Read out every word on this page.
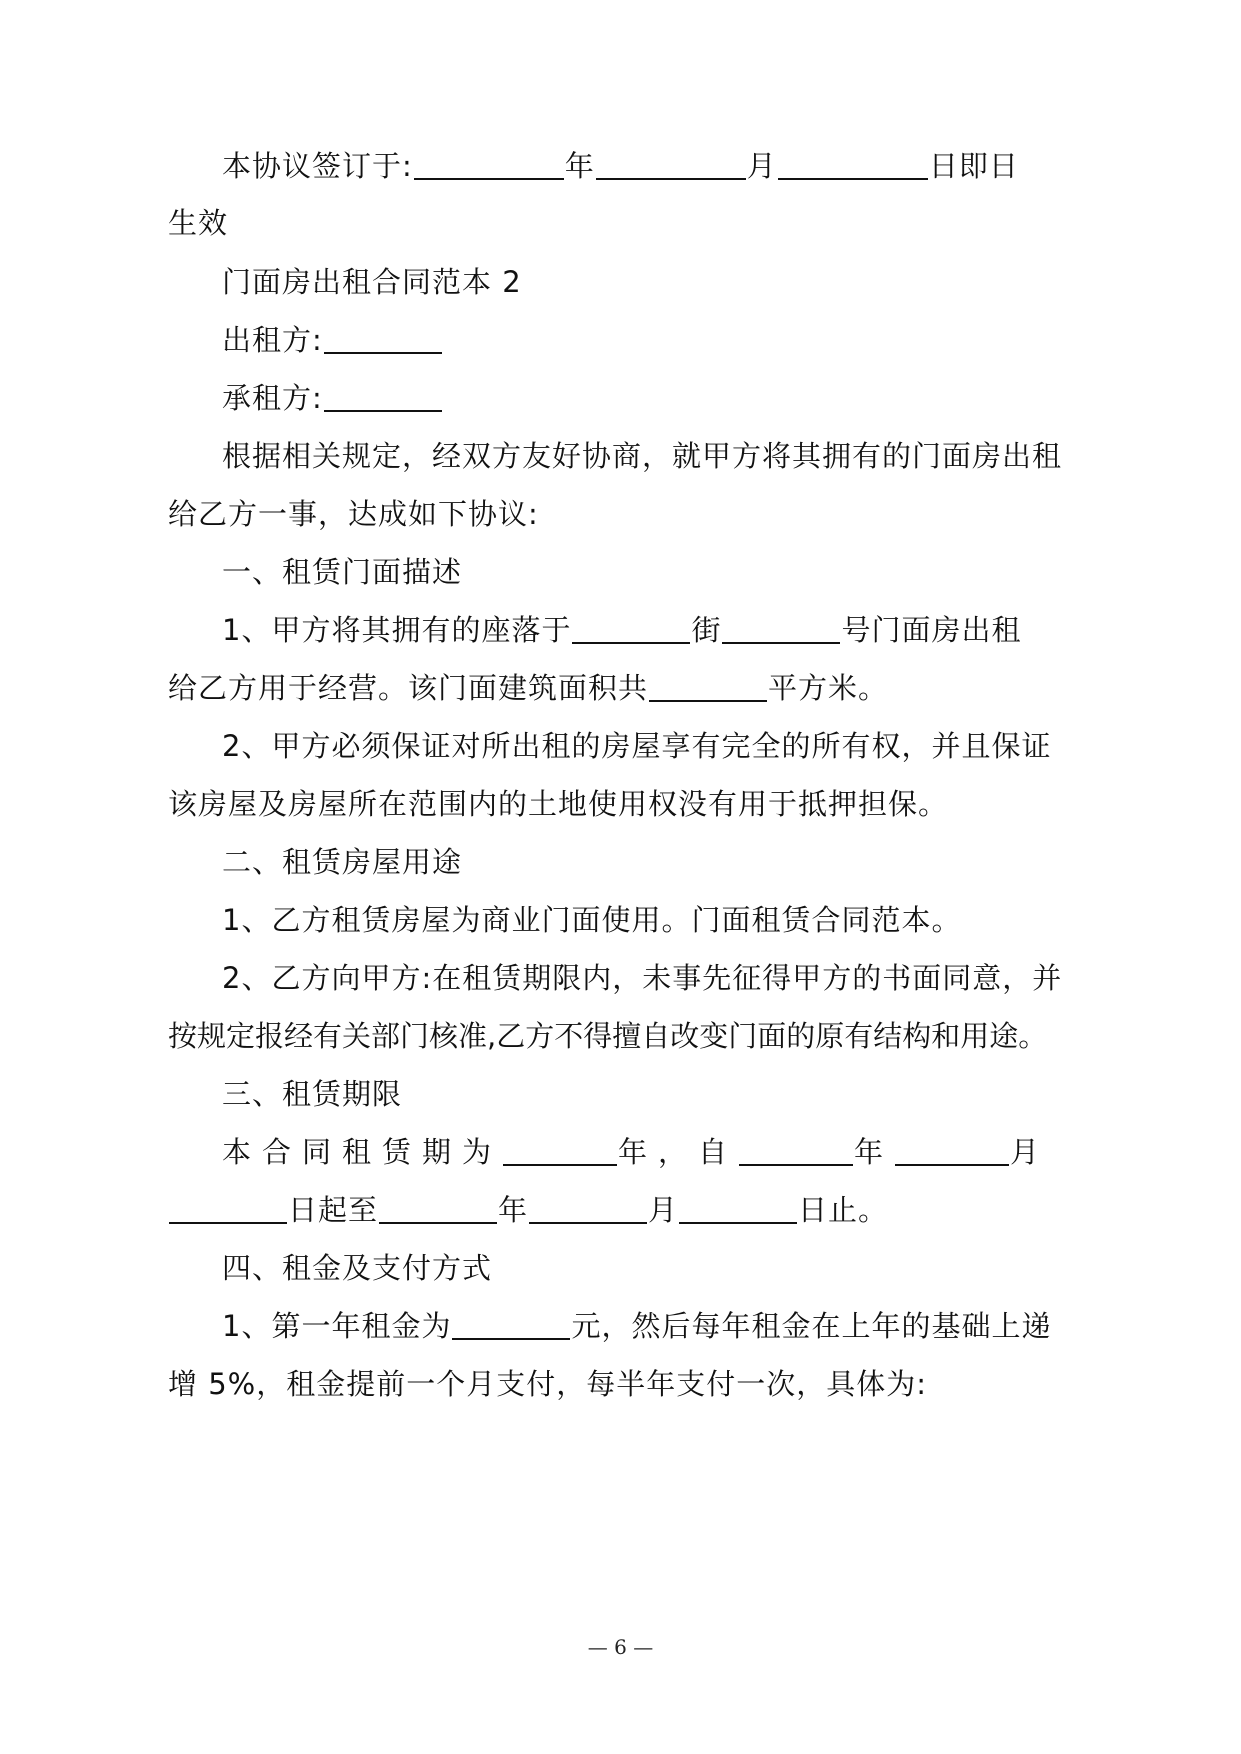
本协议签订于:	年	月	日即日
生效
门面房出租合同范本 2
出租方:
承租方:
根据相关规定，经双方友好协商，就甲方将其拥有的门面房出租
给乙方一事，达成如下协议:
一、租赁门面描述
1、甲方将其拥有的座落于	街	号门面房出租
给乙方用于经营。该门面建筑面积共	平方米。
2、甲方必须保证对所出租的房屋享有完全的所有权，并且保证
该房屋及房屋所在范围内的土地使用权没有用于抵押担保。
二、租赁房屋用途
1、乙方租赁房屋为商业门面使用。门面租赁合同范本。
2、乙方向甲方:在租赁期限内，未事先征得甲方的书面同意，并
按规定报经有关部门核准,乙方不得擅自改变门面的原有结构和用途。
三、租赁期限
本合同租赁期为	年，自	年	月
日起至	年	月	日止。
四、租金及支付方式
1、第一年租金为	元，然后每年租金在上年的基础上递
增 5%，租金提前一个月支付，每半年支付一次，具体为:
— 6 —
